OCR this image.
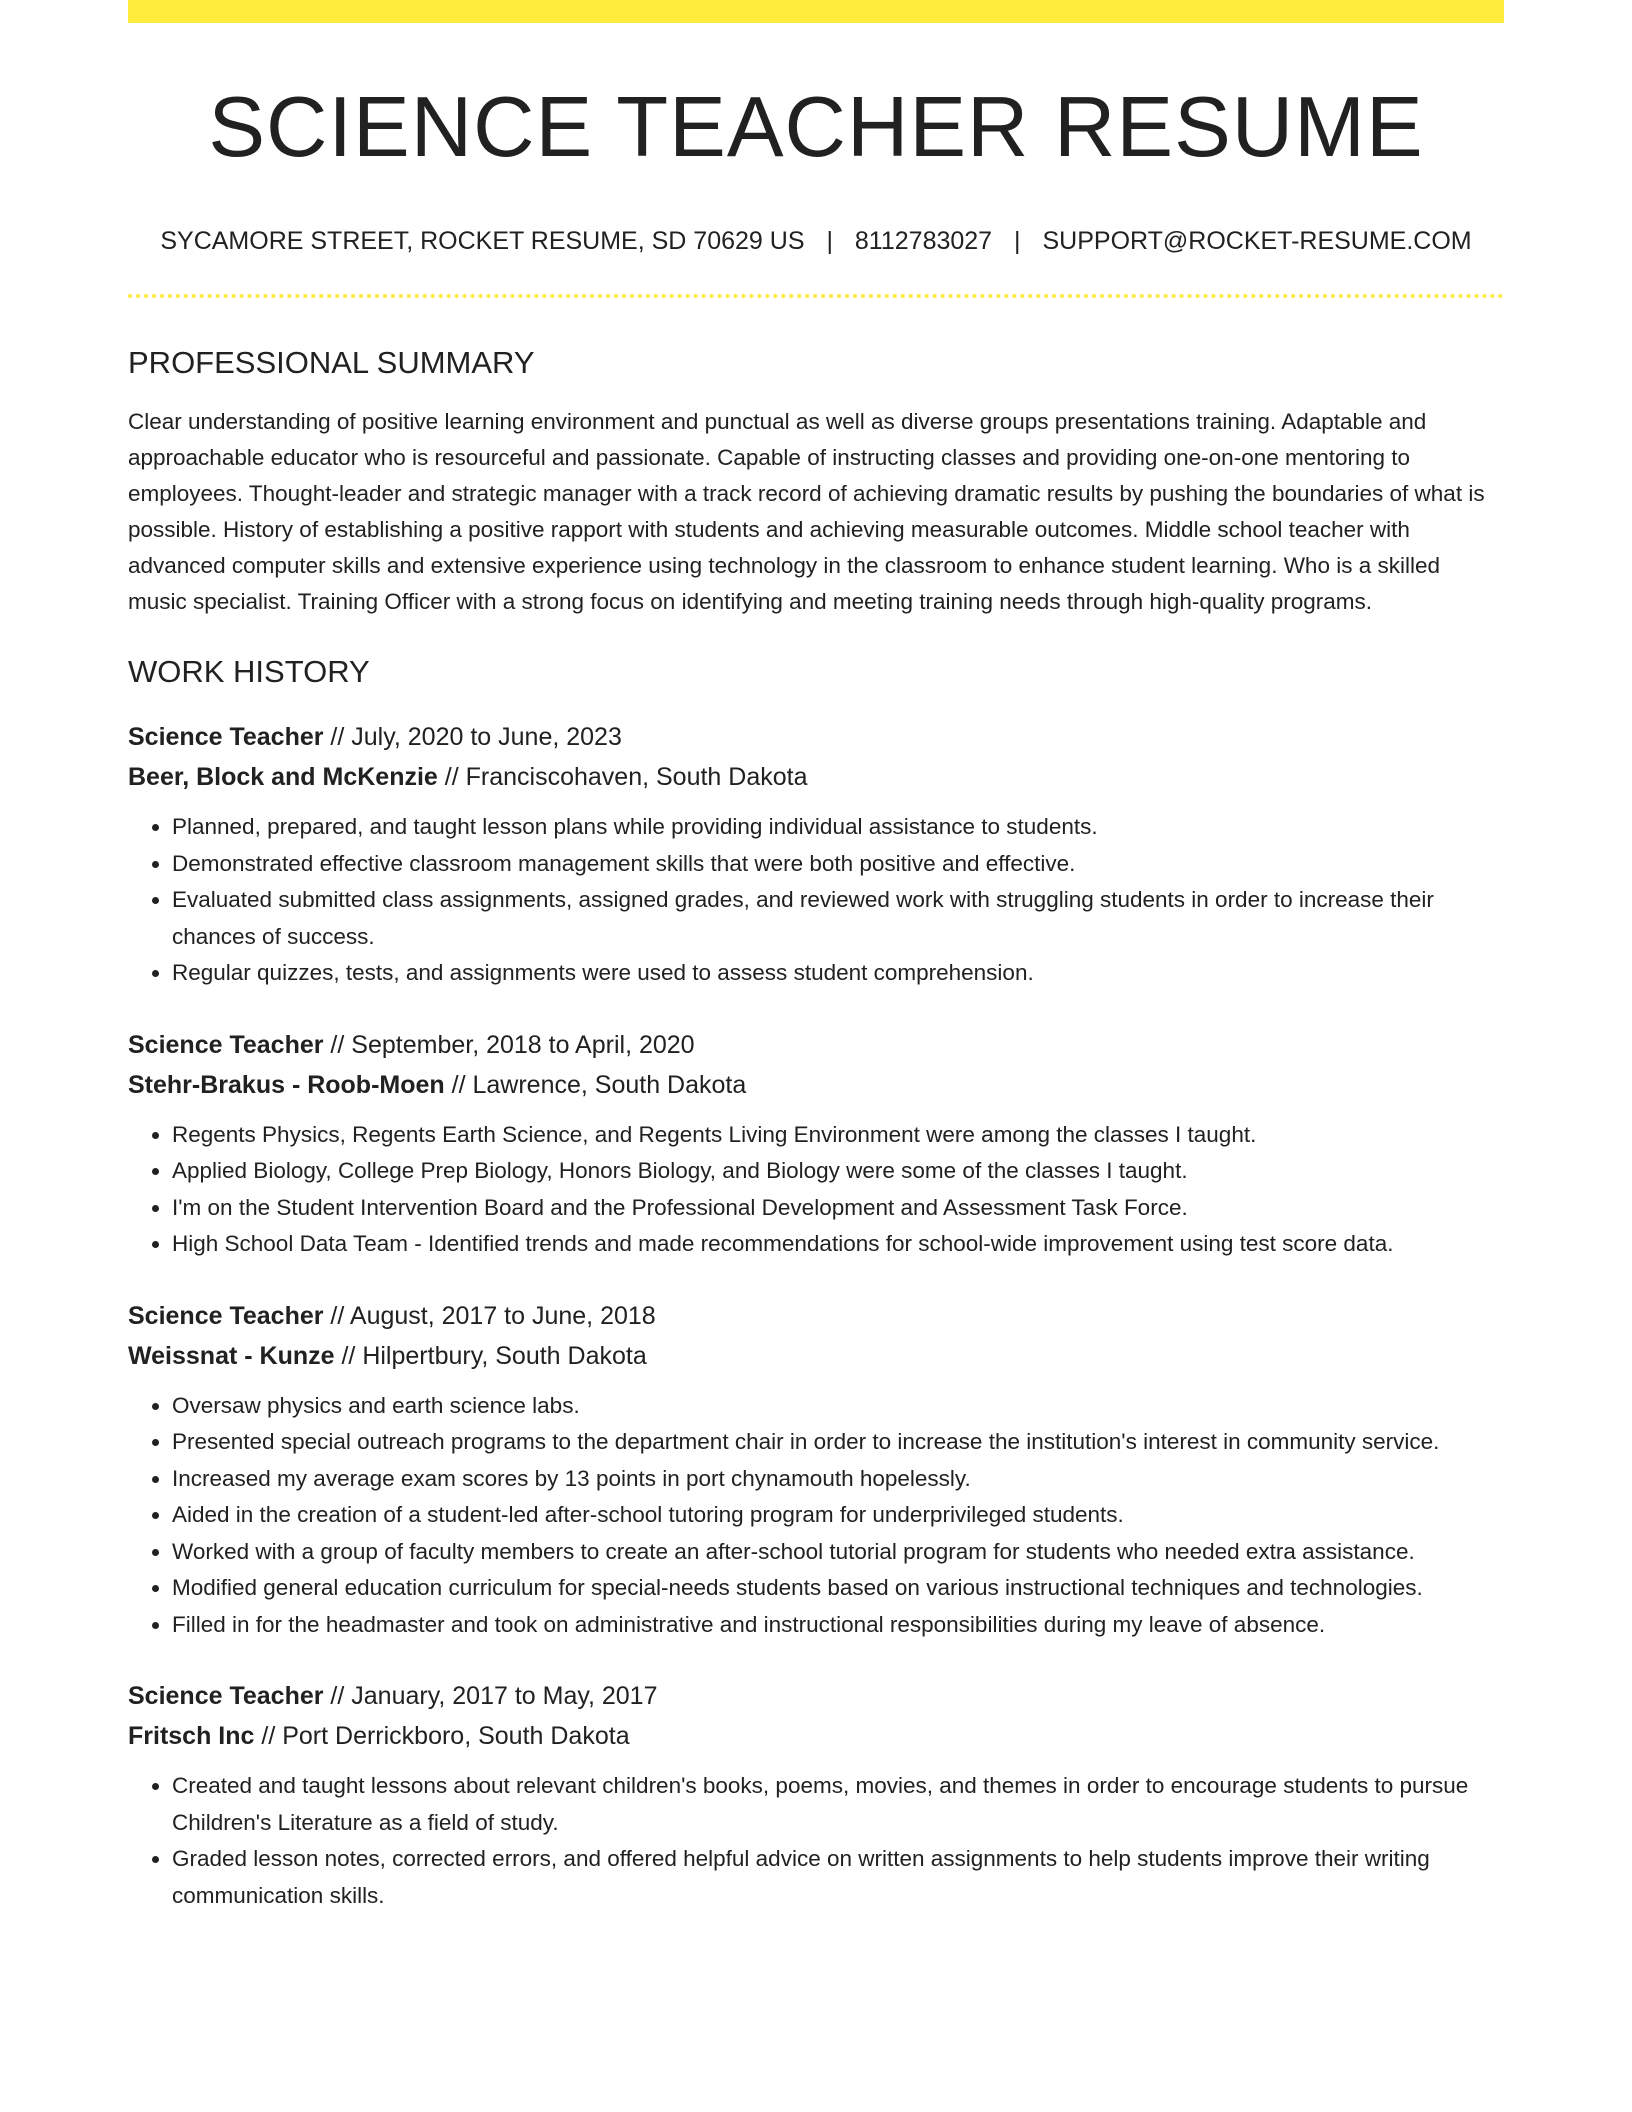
SCIENCE TEACHER RESUME
SYCAMORE STREET, ROCKET RESUME, SD 70629 US | 8112783027 | SUPPORT@ROCKET-RESUME.COM
PROFESSIONAL SUMMARY

Clear understanding of positive learning environment and punctual as well as diverse groups presentations training. Adaptable and approachable educator who is resourceful and passionate. Capable of instructing classes and providing one-on-one mentoring to employees. Thought-leader and strategic manager with a track record of achieving dramatic results by pushing the boundaries of what is possible. History of establishing a positive rapport with students and achieving measurable outcomes. Middle school teacher with advanced computer skills and extensive experience using technology in the classroom to enhance student learning. Who is a skilled music specialist. Training Officer with a strong focus on identifying and meeting training needs through high-quality programs.

WORK HISTORY
Science Teacher // July, 2020 to June, 2023
Beer, Block and McKenzie // Franciscohaven, South Dakota
• Planned, prepared, and taught lesson plans while providing individual assistance to students.
• Demonstrated effective classroom management skills that were both positive and effective.
• Evaluated submitted class assignments, assigned grades, and reviewed work with struggling students in order to increase their chances of success.
• Regular quizzes, tests, and assignments were used to assess student comprehension.
Science Teacher // September, 2018 to April, 2020
Stehr-Brakus - Roob-Moen // Lawrence, South Dakota
• Regents Physics, Regents Earth Science, and Regents Living Environment were among the classes I taught.
• Applied Biology, College Prep Biology, Honors Biology, and Biology were some of the classes I taught.
• I'm on the Student Intervention Board and the Professional Development and Assessment Task Force.
• High School Data Team - Identified trends and made recommendations for school-wide improvement using test score data.
Science Teacher // August, 2017 to June, 2018
Weissnat - Kunze // Hilpertbury, South Dakota
• Oversaw physics and earth science labs.
• Presented special outreach programs to the department chair in order to increase the institution's interest in community service.
• Increased my average exam scores by 13 points in port chynamouth hopelessly.
• Aided in the creation of a student-led after-school tutoring program for underprivileged students.
• Worked with a group of faculty members to create an after-school tutorial program for students who needed extra assistance.
• Modified general education curriculum for special-needs students based on various instructional techniques and technologies.
• Filled in for the headmaster and took on administrative and instructional responsibilities during my leave of absence.
Science Teacher // January, 2017 to May, 2017
Fritsch Inc // Port Derrickboro, South Dakota
• Created and taught lessons about relevant children's books, poems, movies, and themes in order to encourage students to pursue Children's Literature as a field of study.
• Graded lesson notes, corrected errors, and offered helpful advice on written assignments to help students improve their writing communication skills.
